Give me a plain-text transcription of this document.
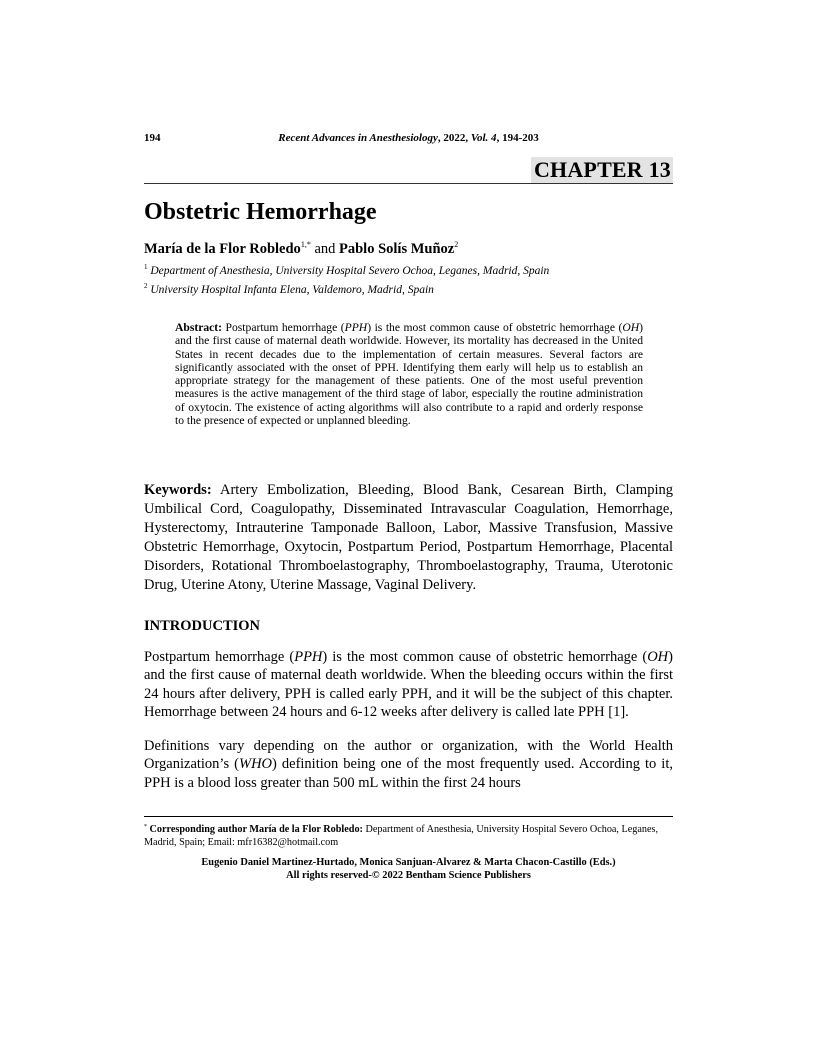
194	Recent Advances in Anesthesiology, 2022, Vol. 4, 194-203
CHAPTER 13
Obstetric Hemorrhage
María de la Flor Robledo$^{1,*}$ and Pablo Solís Muñoz$^2$
$^1$ Department of Anesthesia, University Hospital Severo Ochoa, Leganes, Madrid, Spain
$^2$ University Hospital Infanta Elena, Valdemoro, Madrid, Spain
Abstract: Postpartum hemorrhage (PPH) is the most common cause of obstetric hemorrhage (OH) and the first cause of maternal death worldwide. However, its mortality has decreased in the United States in recent decades due to the implementation of certain measures. Several factors are significantly associated with the onset of PPH. Identifying them early will help us to establish an appropriate strategy for the management of these patients. One of the most useful prevention measures is the active management of the third stage of labor, especially the routine administration of oxytocin. The existence of acting algorithms will also contribute to a rapid and orderly response to the presence of expected or unplanned bleeding.
Keywords: Artery Embolization, Bleeding, Blood Bank, Cesarean Birth, Clamping Umbilical Cord, Coagulopathy, Disseminated Intravascular Coagulation, Hemorrhage, Hysterectomy, Intrauterine Tamponade Balloon, Labor, Massive Transfusion, Massive Obstetric Hemorrhage, Oxytocin, Postpartum Period, Postpartum Hemorrhage, Placental Disorders, Rotational Thromboelastography, Thromboelastography, Trauma, Uterotonic Drug, Uterine Atony, Uterine Massage, Vaginal Delivery.
INTRODUCTION
Postpartum hemorrhage (PPH) is the most common cause of obstetric hemorrhage (OH) and the first cause of maternal death worldwide. When the bleeding occurs within the first 24 hours after delivery, PPH is called early PPH, and it will be the subject of this chapter. Hemorrhage between 24 hours and 6-12 weeks after delivery is called late PPH [1].
Definitions vary depending on the author or organization, with the World Health Organization’s (WHO) definition being one of the most frequently used. According to it, PPH is a blood loss greater than 500 mL within the first 24 hours
* Corresponding author María de la Flor Robledo: Department of Anesthesia, University Hospital Severo Ochoa, Leganes, Madrid, Spain; Email: mfr16382@hotmail.com
Eugenio Daniel Martinez-Hurtado, Monica Sanjuan-Alvarez & Marta Chacon-Castillo (Eds.)
All rights reserved-© 2022 Bentham Science Publishers
